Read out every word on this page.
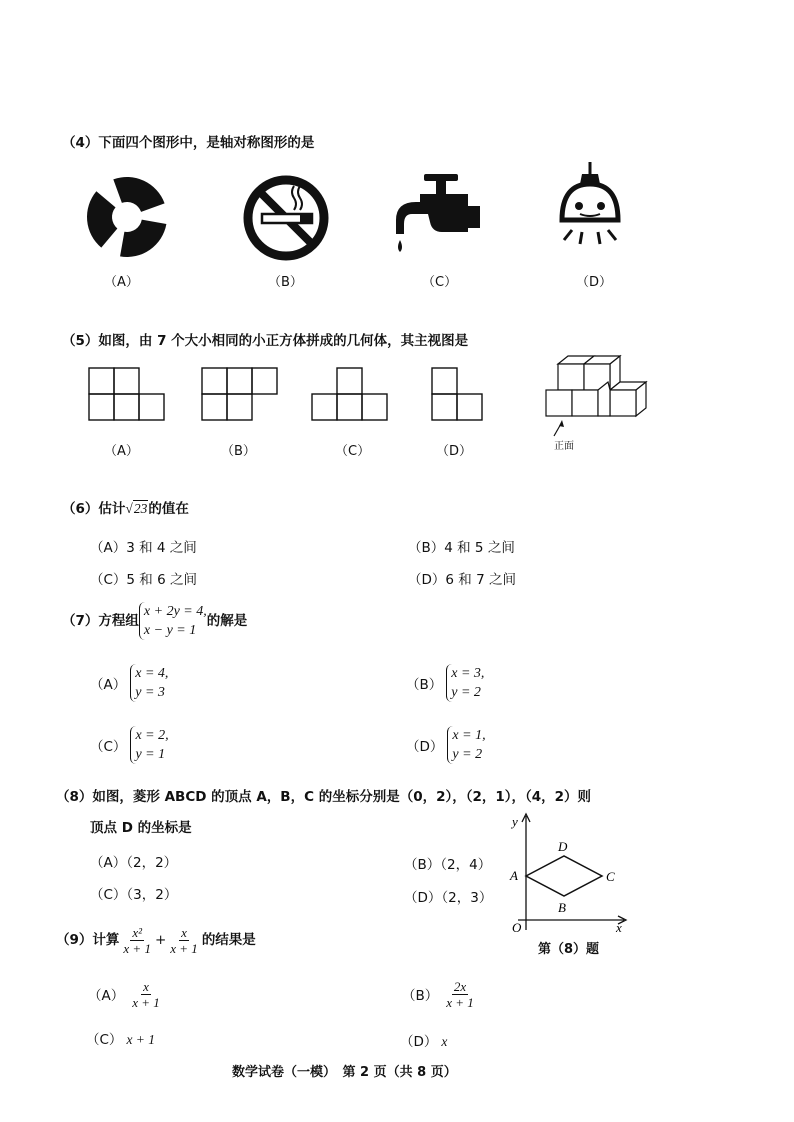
（4）下面四个图形中，是轴对称图形的是
（A）	（B）	（C）	（D）
（5）如图，由 7 个大小相同的小正方体拼成的几何体，其主视图是
正面
（A）	（B）	（C）	（D）
（6）估计√23的值在
（A）3 和 4 之间	（B）4 和 5 之间
（C）5 和 6 之间	（D）6 和 7 之间
（7）方程组
x + 2y = 4,
x − y = 1
的解是
（A）
x = 4,
y = 3	（B）
x = 3,
y = 2
（C）
x = 2,
y = 1	（D）
x = 1,
y = 2
（8）如图，菱形 ABCD 的顶点 A，B，C 的坐标分别是（0，2），（2，1），（4，2）则
顶点 D 的坐标是
（A）（2，2）	（B）（2，4）
（C）（3，2）	（D）（2，3）
y
x
O
A
B
C
D
第（8）题
（9）计算 $\frac{\text{x²}}{x + 1} + \frac{x}{x + 1}$ 的结果是
$(A) \frac{x}{x + 1}$	$(B) \frac{2x}{x + 1}$
（C） x + 1	（D） x
数学试卷（一模）　第 2 页（共 8 页）
